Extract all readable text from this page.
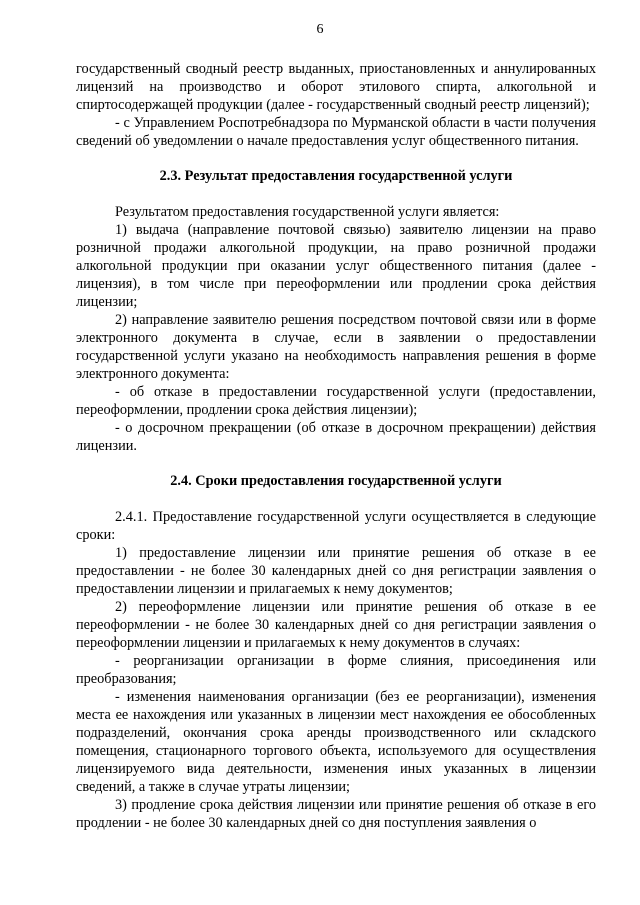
6

государственный сводный реестр выданных, приостановленных и аннулированных лицензий на производство и оборот этилового спирта, алкогольной и спиртосодержащей продукции (далее - государственный сводный реестр лицензий);

- с Управлением Роспотребнадзора по Мурманской области в части получения сведений об уведомлении о начале предоставления услуг общественного питания.

2.3. Результат предоставления государственной услуги

Результатом предоставления государственной услуги является:

1) выдача (направление почтовой связью) заявителю лицензии на право розничной продажи алкогольной продукции, на право розничной продажи алкогольной продукции при оказании услуг общественного питания (далее - лицензия), в том числе при переоформлении или продлении срока действия лицензии;

2) направление заявителю решения посредством почтовой связи или в форме электронного документа в случае, если в заявлении о предоставлении государственной услуги указано на необходимость направления решения в форме электронного документа:

- об отказе в предоставлении государственной услуги (предоставлении, переоформлении, продлении срока действия лицензии);

- о досрочном прекращении (об отказе в досрочном прекращении) действия лицензии.

2.4. Сроки предоставления государственной услуги

2.4.1. Предоставление государственной услуги осуществляется в следующие сроки:

1) предоставление лицензии или принятие решения об отказе в ее предоставлении - не более 30 календарных дней со дня регистрации заявления о предоставлении лицензии и прилагаемых к нему документов;

2) переоформление лицензии или принятие решения об отказе в ее переоформлении - не более 30 календарных дней со дня регистрации заявления о переоформлении лицензии и прилагаемых к нему документов в случаях:

- реорганизации организации в форме слияния, присоединения или преобразования;

- изменения наименования организации (без ее реорганизации), изменения места ее нахождения или указанных в лицензии мест нахождения ее обособленных подразделений, окончания срока аренды производственного или складского помещения, стационарного торгового объекта, используемого для осуществления лицензируемого вида деятельности, изменения иных указанных в лицензии сведений, а также в случае утраты лицензии;

3) продление срока действия лицензии или принятие решения об отказе в его продлении - не более 30 календарных дней со дня поступления заявления о
